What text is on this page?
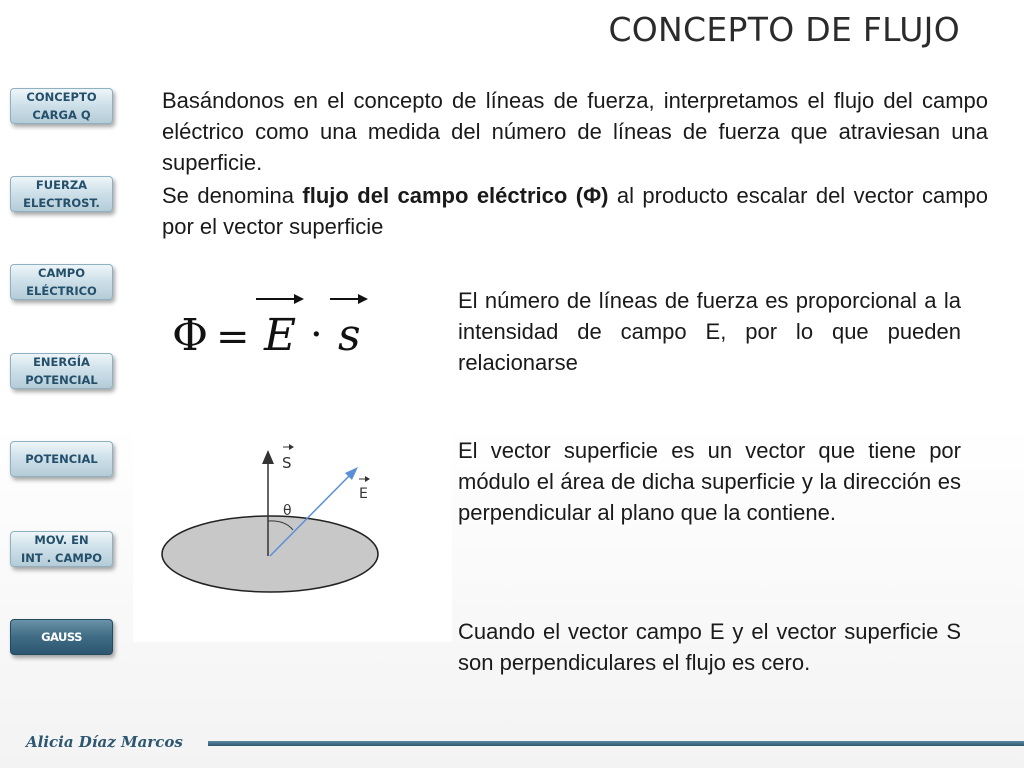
CONCEPTO DE FLUJO
CONCEPTO
CARGA Q
FUERZA
ELECTROST.
CAMPO
ELÉCTRICO
ENERGÍA
POTENCIAL
POTENCIAL
MOV. EN
INT . CAMPO
GAUSS
Basándonos en el concepto de líneas de fuerza, interpretamos el flujo del campo eléctrico como una medida del número de líneas de fuerza que atraviesan una superficie.
Se denomina flujo del campo eléctrico (Φ) al producto escalar del vector campo por el vector superficie
Φ = E · s
El número de líneas de fuerza es proporcional a la intensidad de campo E, por lo que pueden relacionarse
S
E
θ
El vector superficie es un vector que tiene por módulo el área de dicha superficie y la dirección es perpendicular al plano que la contiene.
Cuando el vector campo E y el vector superficie S son perpendiculares el flujo es cero.
Alicia Díaz Marcos
